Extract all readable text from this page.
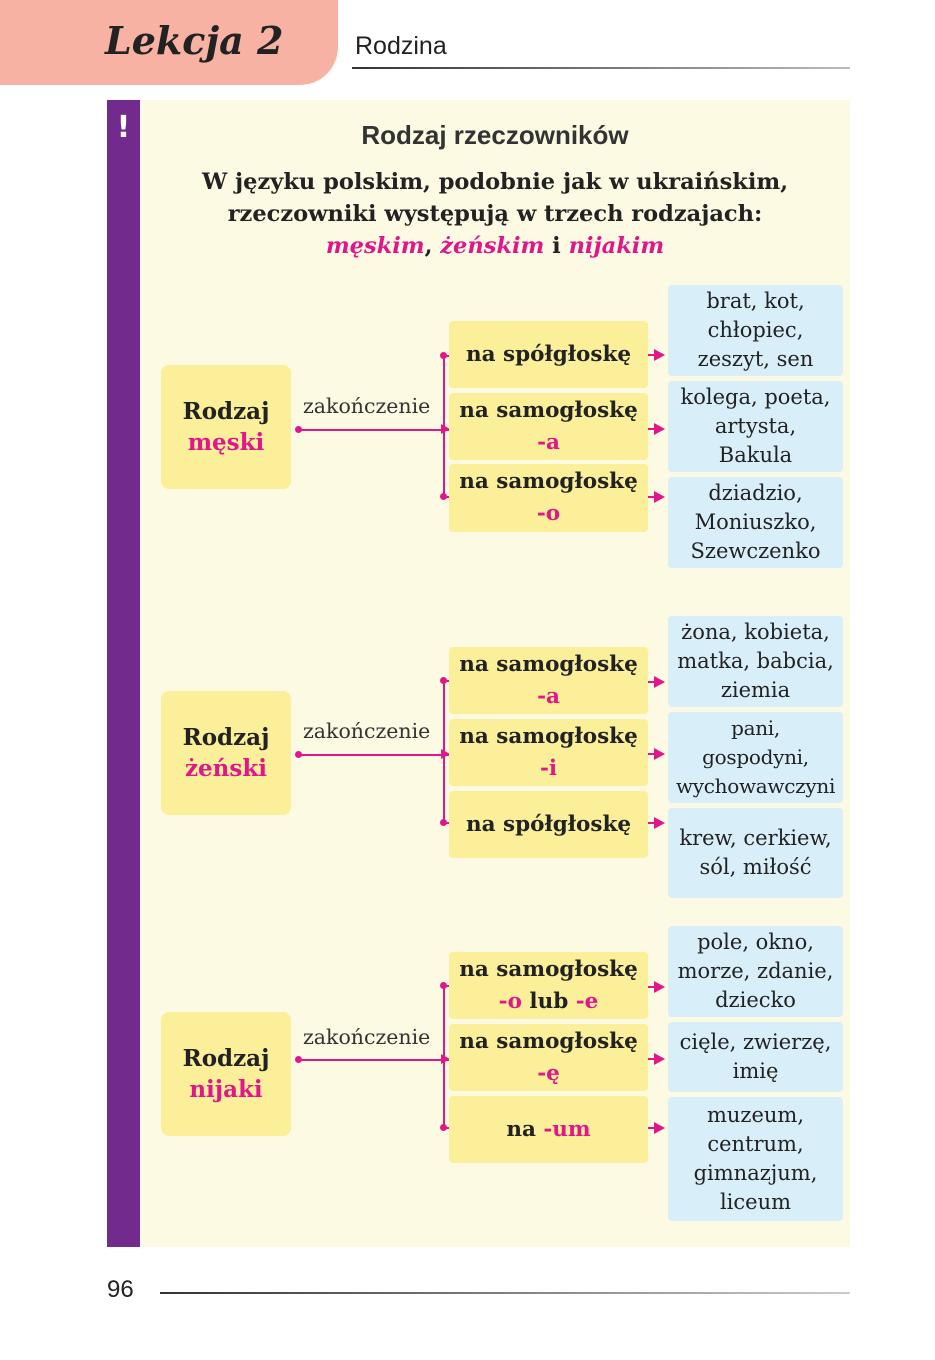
Lekcja 2	Rodzina
!	Rodzaj rzeczowników
W języku polskim, podobnie jak w ukraińskim,
rzeczowniki występują w trzech rodzajach:
męskim, żeńskim i nijakim
Rodzaj
męski
zakończenie
na spółgłoskę
na samogłoskę
-a
na samogłoskę
-o
brat, kot,
chłopiec,
zeszyt, sen
kolega, poeta,
artysta,
Bakula
dziadzio,
Moniuszko,
Szewczenko
Rodzaj
żeński
zakończenie
na samogłoskę
-a
na samogłoskę
-i
na spółgłoskę
żona, kobieta,
matka, babcia,
ziemia
pani,
gospodyni,
wychowawczyni
krew, cerkiew,
sól, miłość
Rodzaj
nijaki
zakończenie
na samogłoskę
-o lub -e
na samogłoskę
-ę
na -um
pole, okno,
morze, zdanie,
dziecko
cięle, zwierzę,
imię
muzeum,
centrum,
gimnazjum,
liceum
96
